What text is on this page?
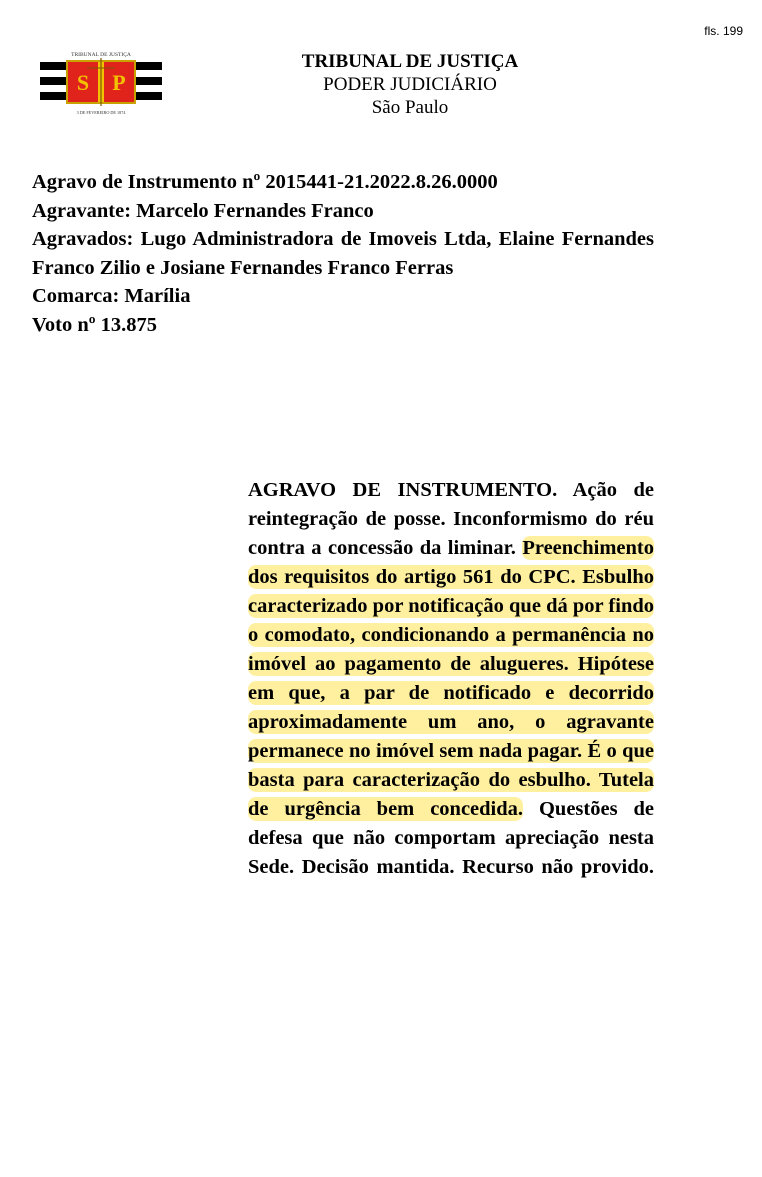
fls. 199
S P
TRIBUNAL DE JUSTIÇA
3 DE FEVEREIRO DE 1874
TRIBUNAL DE JUSTIÇA
PODER JUDICIÁRIO
São Paulo
Agravo de Instrumento nº 2015441-21.2022.8.26.0000
Agravante: Marcelo Fernandes Franco
Agravados: Lugo Administradora de Imoveis Ltda, Elaine Fernandes Franco Zilio e Josiane Fernandes Franco Ferras
Comarca: Marília
Voto nº 13.875
AGRAVO DE INSTRUMENTO. Ação de reintegração de posse. Inconformismo do réu contra a concessão da liminar. Preenchimento dos requisitos do artigo 561 do CPC. Esbulho caracterizado por notificação que dá por findo o comodato, condicionando a permanência no imóvel ao pagamento de alugueres. Hipótese em que, a par de notificado e decorrido aproximadamente um ano, o agravante permanece no imóvel sem nada pagar. É o que basta para caracterização do esbulho. Tutela de urgência bem concedida. Questões de defesa que não comportam apreciação nesta Sede. Decisão mantida. Recurso não provido.
